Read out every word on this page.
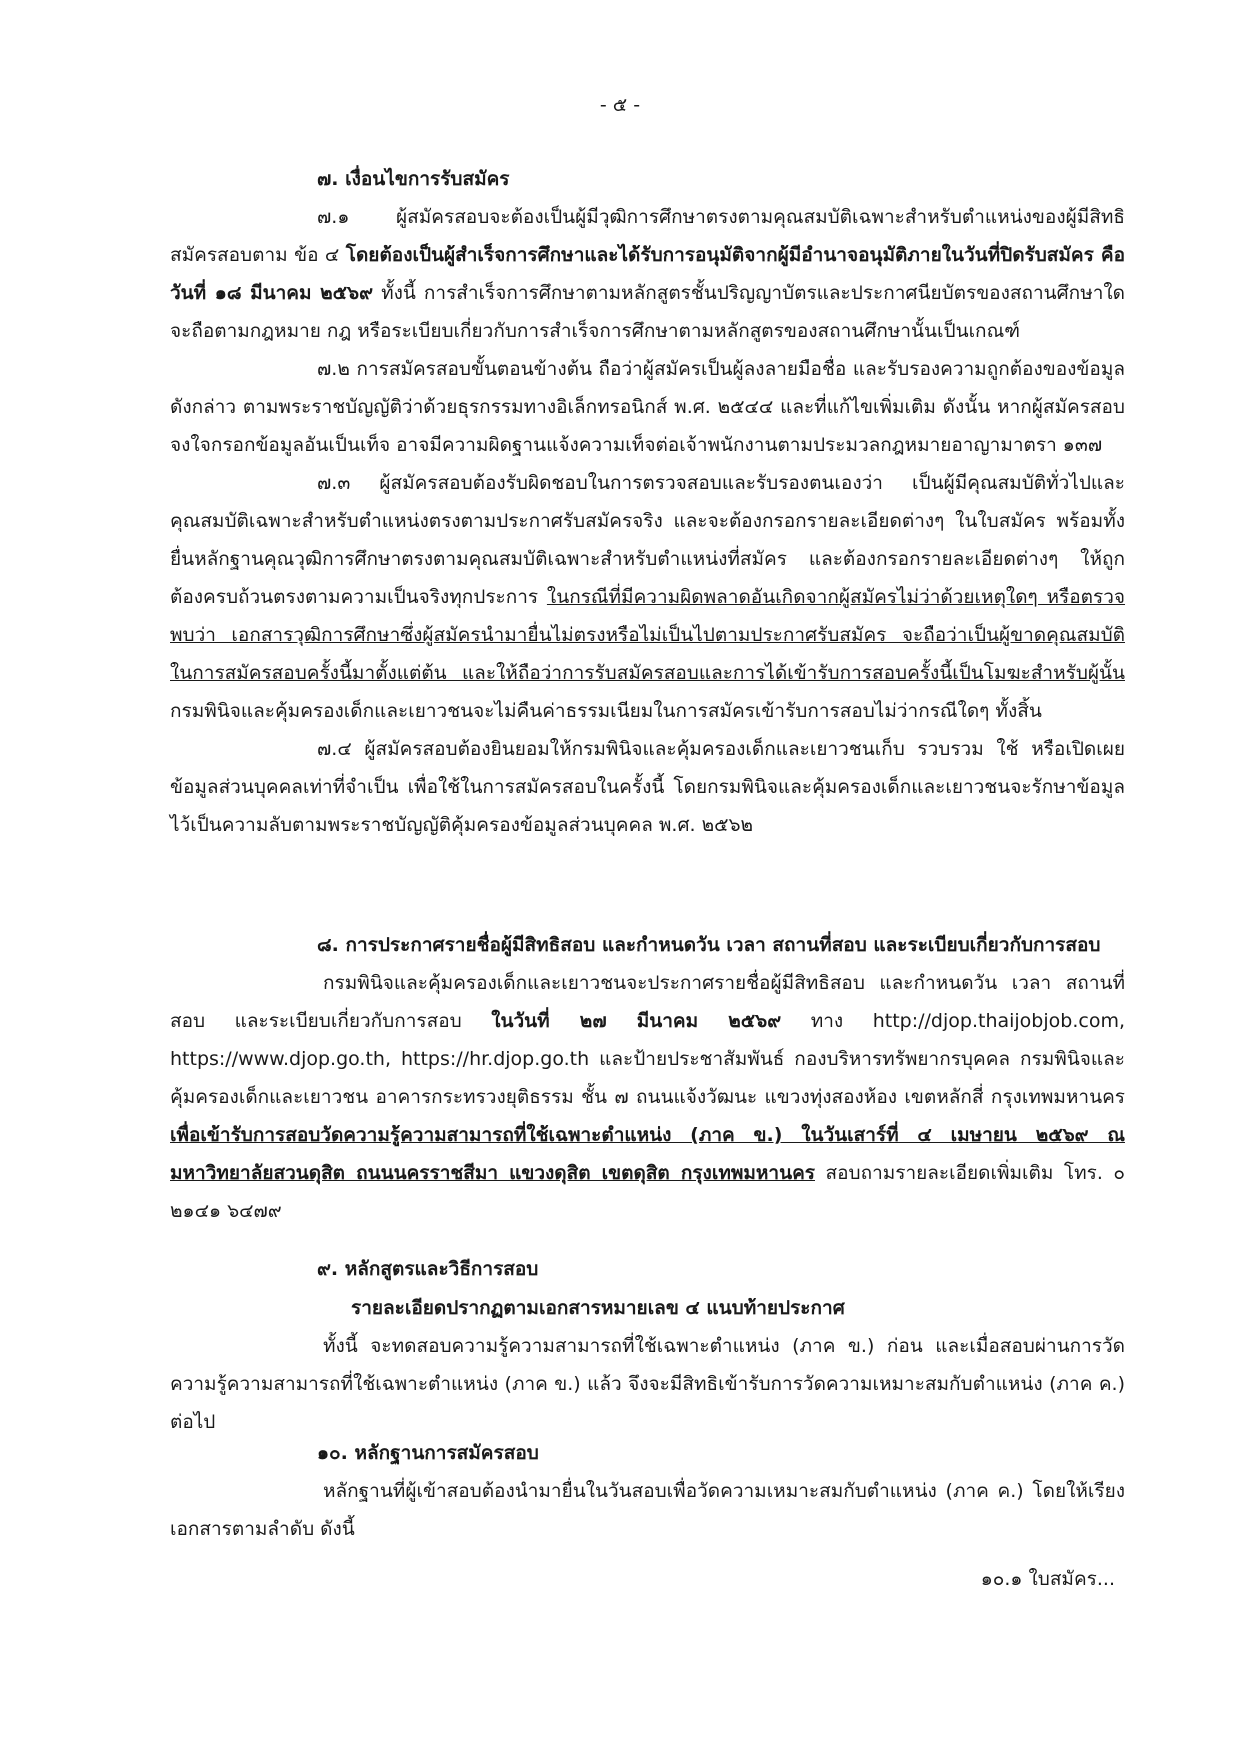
- ๕ -
๗. เงื่อนไขการรับสมัคร

๗.๑ ผู้สมัครสอบจะต้องเป็นผู้มีวุฒิการศึกษาตรงตามคุณสมบัติเฉพาะสำหรับตำแหน่งของผู้มีสิทธิสมัครสอบตาม ข้อ ๔ โดยต้องเป็นผู้สำเร็จการศึกษาและได้รับการอนุมัติจากผู้มีอำนาจอนุมัติภายในวันที่ปิดรับสมัคร คือ วันที่ ๑๘ มีนาคม ๒๕๖๙ ทั้งนี้ การสำเร็จการศึกษาตามหลักสูตรชั้นปริญญาบัตรและประกาศนียบัตรของสถานศึกษาใด จะถือตามกฎหมาย กฎ หรือระเบียบเกี่ยวกับการสำเร็จการศึกษาตามหลักสูตรของสถานศึกษานั้นเป็นเกณฑ์

๗.๒ การสมัครสอบขั้นตอนข้างต้น ถือว่าผู้สมัครเป็นผู้ลงลายมือชื่อ และรับรองความถูกต้องของข้อมูลดังกล่าว ตามพระราชบัญญัติว่าด้วยธุรกรรมทางอิเล็กทรอนิกส์ พ.ศ. ๒๕๔๔ และที่แก้ไขเพิ่มเติม ดังนั้น หากผู้สมัครสอบจงใจกรอกข้อมูลอันเป็นเท็จ อาจมีความผิดฐานแจ้งความเท็จต่อเจ้าพนักงานตามประมวลกฎหมายอาญามาตรา ๑๓๗

๗.๓ ผู้สมัครสอบต้องรับผิดชอบในการตรวจสอบและรับรองตนเองว่า เป็นผู้มีคุณสมบัติทั่วไปและคุณสมบัติเฉพาะสำหรับตำแหน่งตรงตามประกาศรับสมัครจริง และจะต้องกรอกรายละเอียดต่างๆ ในใบสมัคร พร้อมทั้งยื่นหลักฐานคุณวุฒิการศึกษาตรงตามคุณสมบัติเฉพาะสำหรับตำแหน่งที่สมัคร และต้องกรอกรายละเอียดต่างๆ ให้ถูกต้องครบถ้วนตรงตามความเป็นจริงทุกประการ ในกรณีที่มีความผิดพลาดอันเกิดจากผู้สมัครไม่ว่าด้วยเหตุใดๆ หรือตรวจพบว่า เอกสารวุฒิการศึกษาซึ่งผู้สมัครนำมายื่นไม่ตรงหรือไม่เป็นไปตามประกาศรับสมัคร จะถือว่าเป็นผู้ขาดคุณสมบัติในการสมัครสอบครั้งนี้มาตั้งแต่ต้น และให้ถือว่าการรับสมัครสอบและการได้เข้ารับการสอบครั้งนี้เป็นโมฆะสำหรับผู้นั้น กรมพินิจและคุ้มครองเด็กและเยาวชนจะไม่คืนค่าธรรมเนียมในการสมัครเข้ารับการสอบไม่ว่ากรณีใดๆ ทั้งสิ้น

๗.๔ ผู้สมัครสอบต้องยินยอมให้กรมพินิจและคุ้มครองเด็กและเยาวชนเก็บ รวบรวม ใช้ หรือเปิดเผยข้อมูลส่วนบุคคลเท่าที่จำเป็น เพื่อใช้ในการสมัครสอบในครั้งนี้ โดยกรมพินิจและคุ้มครองเด็กและเยาวชนจะรักษาข้อมูลไว้เป็นความลับตามพระราชบัญญัติคุ้มครองข้อมูลส่วนบุคคล พ.ศ. ๒๕๖๒

๘. การประกาศรายชื่อผู้มีสิทธิสอบ และกำหนดวัน เวลา สถานที่สอบ และระเบียบเกี่ยวกับการสอบ

กรมพินิจและคุ้มครองเด็กและเยาวชนจะประกาศรายชื่อผู้มีสิทธิสอบ และกำหนดวัน เวลา สถานที่สอบ และระเบียบเกี่ยวกับการสอบ ในวันที่ ๒๗ มีนาคม ๒๕๖๙ ทาง http://djop.thaijobjob.com, https://www.djop.go.th, https://hr.djop.go.th และป้ายประชาสัมพันธ์ กองบริหารทรัพยากรบุคคล กรมพินิจและคุ้มครองเด็กและเยาวชน อาคารกระทรวงยุติธรรม ชั้น ๗ ถนนแจ้งวัฒนะ แขวงทุ่งสองห้อง เขตหลักสี่ กรุงเทพมหานคร เพื่อเข้ารับการสอบวัดความรู้ความสามารถที่ใช้เฉพาะตำแหน่ง (ภาค ข.) ในวันเสาร์ที่ ๔ เมษายน ๒๕๖๙ ณ มหาวิทยาลัยสวนดุสิต ถนนนครราชสีมา แขวงดุสิต เขตดุสิต กรุงเทพมหานคร สอบถามรายละเอียดเพิ่มเติม โทร. ๐ ๒๑๔๑ ๖๔๗๙

๙. หลักสูตรและวิธีการสอบ
รายละเอียดปรากฏตามเอกสารหมายเลข ๔ แนบท้ายประกาศ

ทั้งนี้ จะทดสอบความรู้ความสามารถที่ใช้เฉพาะตำแหน่ง (ภาค ข.) ก่อน และเมื่อสอบผ่านการวัดความรู้ความสามารถที่ใช้เฉพาะตำแหน่ง (ภาค ข.) แล้ว จึงจะมีสิทธิเข้ารับการวัดความเหมาะสมกับตำแหน่ง (ภาค ค.) ต่อไป

๑๐. หลักฐานการสมัครสอบ

หลักฐานที่ผู้เข้าสอบต้องนำมายื่นในวันสอบเพื่อวัดความเหมาะสมกับตำแหน่ง (ภาค ค.) โดยให้เรียงเอกสารตามลำดับ ดังนี้

๑๐.๑ ใบสมัคร...
